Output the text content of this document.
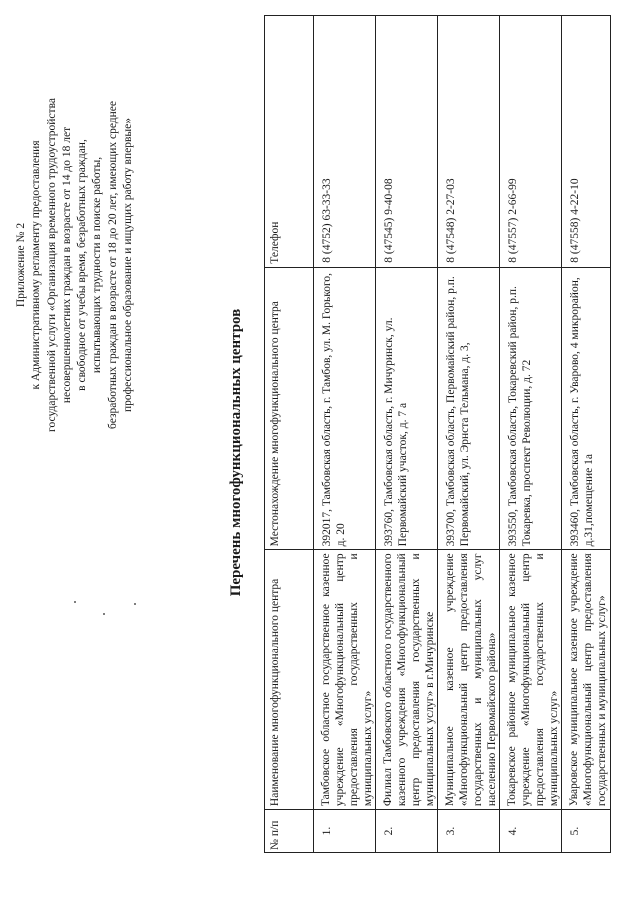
Приложение № 2 к Административному регламенту предоставления государственной услуги «Организация временного трудоустройства несовершеннолетних граждан в возрасте от 14 до 18 лет в свободное от учебы время, безработных граждан, испытывающих трудности в поиске работы, безработных граждан в возрасте от 18 до 20 лет, имеющих среднее профессиональное образование и ищущих работу впервые»
Перечень многофункциональных центров
№ п/п	Наименование многофункционального центра	Местонахождение многофункционального центра	Телефон
1.	Тамбовское областное государственное казенное учреждение «Многофункциональный центр предоставления государственных и муниципальных услуг»	392017, Тамбовская область, г. Тамбов, ул. М. Горького, д. 20	8 (4752) 63-33-33
2.	Филиал Тамбовского областного государственного казенного учреждения «Многофункциональный центр предоставления государственных и муниципальных услуг» в г.Мичуринске	393760, Тамбовская область, г. Мичуринск, ул. Первомайский участок, д. 7 а	8 (47545) 9-40-08
3.	Муниципальное казенное учреждение «Многофункциональный центр предоставления государственных и муниципальных услуг населению Первомайского района»	393700, Тамбовская область, Первомайский район, р.п. Первомайский, ул. Эрнста Тельмана, д. 3,	8 (47548) 2-27-03
4.	Токаревское районное муниципальное казенное учреждение «Многофункциональный центр предоставления государственных и муниципальных услуг»	393550, Тамбовская область, Токаревский район, р.п. Токаревка, проспект Революции, д. 72	8 (47557) 2-66-99
5.	Уваровское муниципальное казенное учреждение «Многофункциональный центр предоставления государственных и муниципальных услуг»	393460, Тамбовская область, г. Уварово, 4 микрорайон, д.31,помещение 1а	8 (47558) 4-22-10
